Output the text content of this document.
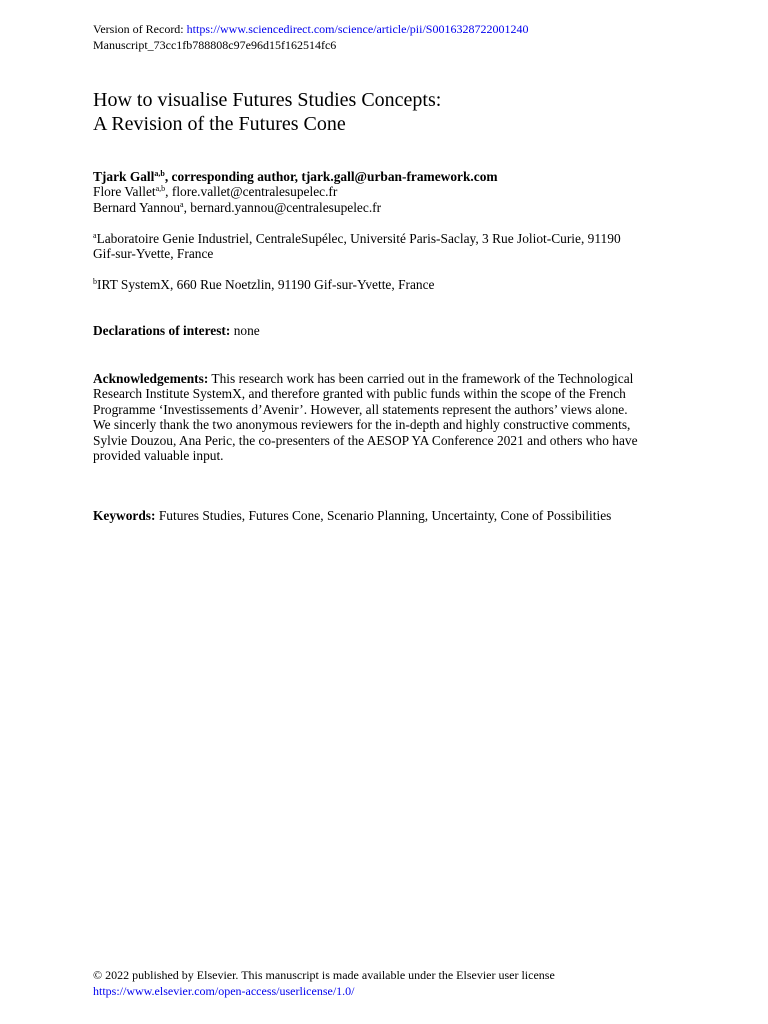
Version of Record: https://www.sciencedirect.com/science/article/pii/S0016328722001240
Manuscript_73cc1fb788808c97e96d15f162514fc6
How to visualise Futures Studies Concepts:
A Revision of the Futures Cone
Tjark Gall$^{a,b}$, corresponding author, tjark.gall@urban-framework.com
Flore Vallet$^{a,b}$, flore.vallet@centralesupelec.fr
Bernard Yannou$^a$, bernard.yannou@centralesupelec.fr
$^a$Laboratoire Genie Industriel, CentraleSupélec, Université Paris-Saclay, 3 Rue Joliot-Curie, 91190
Gif-sur-Yvette, France
$^b$IRT SystemX, 660 Rue Noetzlin, 91190 Gif-sur-Yvette, France
Declarations of interest: none
Acknowledgements: This research work has been carried out in the framework of the Technological
Research Institute SystemX, and therefore granted with public funds within the scope of the French
Programme ‘Investissements d’Avenir’. However, all statements represent the authors’ views alone.
We sincerly thank the two anonymous reviewers for the in-depth and highly constructive comments,
Sylvie Douzou, Ana Peric, the co-presenters of the AESOP YA Conference 2021 and others who have
provided valuable input.
Keywords: Futures Studies, Futures Cone, Scenario Planning, Uncertainty, Cone of Possibilities
© 2022 published by Elsevier. This manuscript is made available under the Elsevier user license
https://www.elsevier.com/open-access/userlicense/1.0/
